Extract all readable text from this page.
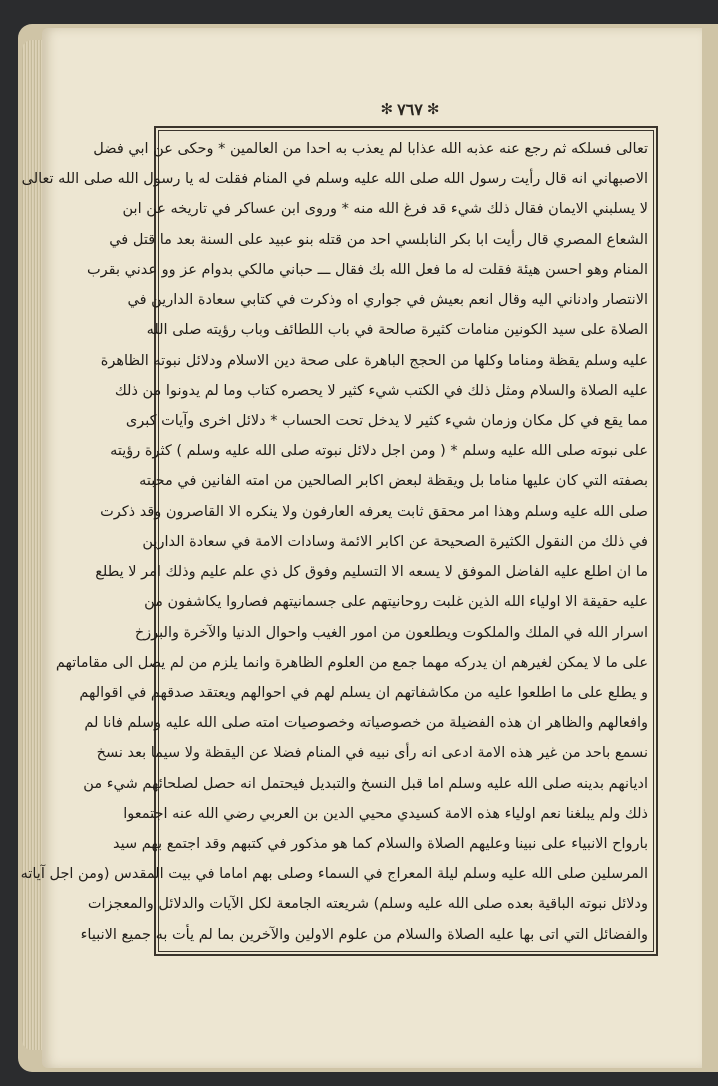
✻ ٧٦٧ ✻
تعالى فسلكه ثم رجع عنه عذبه الله عذابا لم يعذب به احدا من العالمين * وحكى عن ابي فضل
الاصبهاني انه قال رأيت رسول الله صلى الله عليه وسلم في المنام فقلت له يا رسول الله صلى الله تعالى
لا يسلبني الايمان فقال ذلك شيء قد فرغ الله منه * وروى ابن عساكر في تاريخه عن ابن
الشعاع المصري قال رأيت ابا بكر النابلسي احد من قتله بنو عبيد على السنة بعد ما قتل في
المنام وهو احسن هيئة فقلت له ما فعل الله بك فقال ـــ حباني مالكي بدوام عز وو عدني بقرب
الانتصار وادناني اليه وقال انعم بعيش في جواري اه وذكرت في كتابي سعادة الدارين في
الصلاة على سيد الكونين منامات كثيرة صالحة في باب اللطائف وباب رؤيته صلى الله
عليه وسلم يقظة ومناما وكلها من الحجج الباهرة على صحة دين الاسلام ودلائل نبوته الظاهرة
عليه الصلاة والسلام ومثل ذلك في الكتب شيء كثير لا يحصره كتاب وما لم يدونوا من ذلك
مما يقع في كل مكان وزمان شيء كثير لا يدخل تحت الحساب * دلائل اخرى وآيات كبرى
على نبوته صلى الله عليه وسلم * ( ومن اجل دلائل نبوته صلى الله عليه وسلم ) كثرة رؤيته
بصفته التي كان عليها مناما بل ويقظة لبعض اكابر الصالحين من امته الفانين في محبته
صلى الله عليه وسلم وهذا امر محقق ثابت يعرفه العارفون ولا ينكره الا القاصرون وقد ذكرت
في ذلك من النقول الكثيرة الصحيحة عن اكابر الائمة وسادات الامة في سعادة الدارين
ما ان اطلع عليه الفاضل الموفق لا يسعه الا التسليم وفوق كل ذي علم عليم وذلك امر لا يطلع
عليه حقيقة الا اولياء الله الذين غلبت روحانيتهم على جسمانيتهم فصاروا يكاشفون من
اسرار الله في الملك والملكوت ويطلعون من امور الغيب واحوال الدنيا والآخرة والبرزخ
على ما لا يمكن لغيرهم ان يدركه مهما جمع من العلوم الظاهرة وانما يلزم من لم يصل الى مقاماتهم
و يطلع على ما اطلعوا عليه من مكاشفاتهم ان يسلم لهم في احوالهم ويعتقد صدقهم في اقوالهم
وافعالهم والظاهر ان هذه الفضيلة من خصوصياته وخصوصيات امته صلى الله عليه وسلم فانا لم
نسمع باحد من غير هذه الامة ادعى انه رأى نبيه في المنام فضلا عن اليقظة ولا سيما بعد نسخ
اديانهم بدينه صلى الله عليه وسلم اما قبل النسخ والتبديل فيحتمل انه حصل لصلحائهم شيء من
ذلك ولم يبلغنا نعم اولياء هذه الامة كسيدي محيي الدين بن العربي رضي الله عنه اجتمعوا
بارواح الانبياء على نبينا وعليهم الصلاة والسلام كما هو مذكور في كتبهم وقد اجتمع بهم سيد
المرسلين صلى الله عليه وسلم ليلة المعراج في السماء وصلى بهم اماما في بيت المقدس (ومن اجل آياته
ودلائل نبوته الباقية بعده صلى الله عليه وسلم) شريعته الجامعة لكل الآيات والدلائل والمعجزات
والفضائل التي اتى بها عليه الصلاة والسلام من علوم الاولين والآخرين بما لم يأت به جميع الانبياء
